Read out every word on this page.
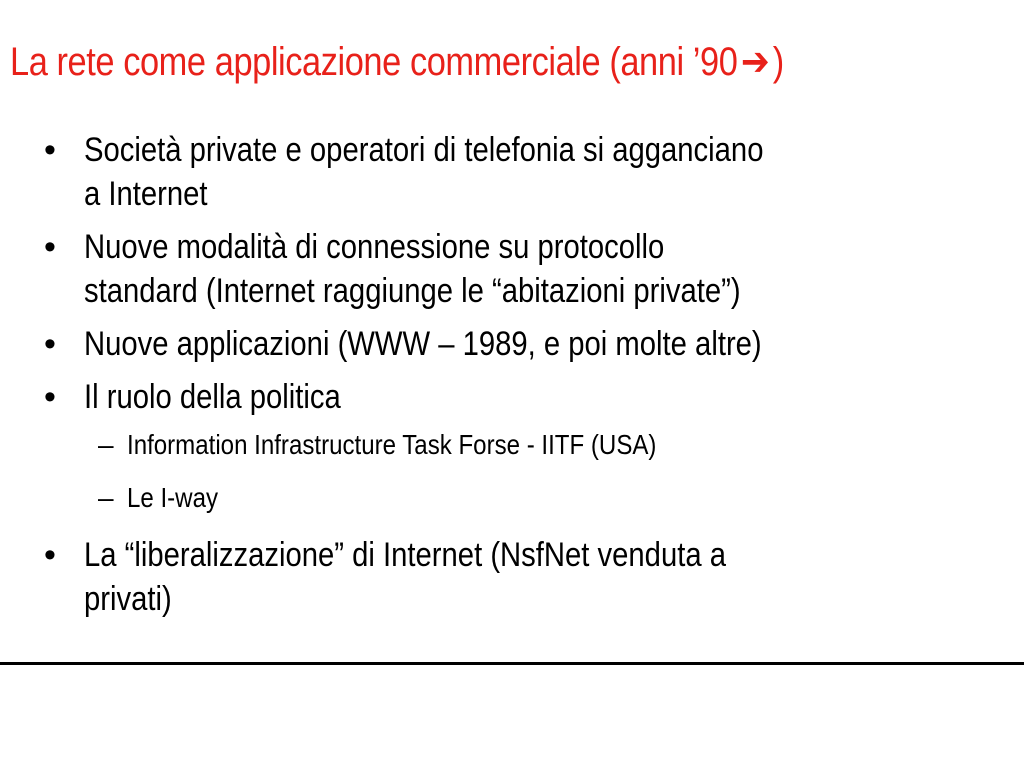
La rete come applicazione commerciale (anni ’90➔)
• Società private e operatori di telefonia si agganciano
a Internet
• Nuove modalità di connessione su protocollo
standard (Internet raggiunge le “abitazioni private”)
• Nuove applicazioni (WWW – 1989, e poi molte altre)
• Il ruolo della politica
– Information Infrastructure Task Forse - IITF (USA)
– Le I-way
• La “liberalizzazione” di Internet (NsfNet venduta a
privati)
